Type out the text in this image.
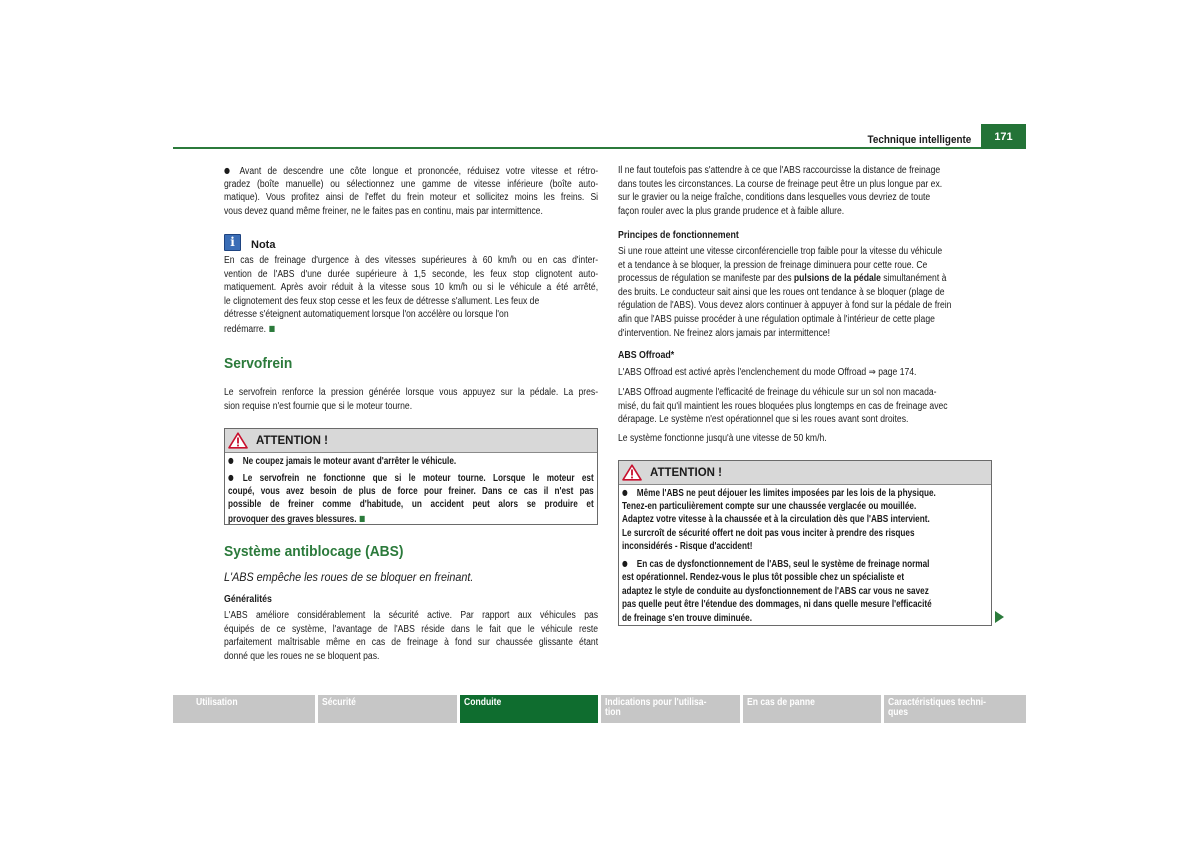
Technique intelligente	171
● Avant de descendre une côte longue et prononcée, réduisez votre vitesse et rétro-
gradez (boîte manuelle) ou sélectionnez une gamme de vitesse inférieure (boîte auto-
matique). Vous profitez ainsi de l'effet du frein moteur et sollicitez moins les freins. Si
vous devez quand même freiner, ne le faites pas en continu, mais par intermittence.
i	Nota
En cas de freinage d'urgence à des vitesses supérieures à 60 km/h ou en cas d'inter-
vention de l'ABS d'une durée supérieure à 1,5 seconde, les feux stop clignotent auto-
matiquement. Après avoir réduit à la vitesse sous 10 km/h ou si le véhicule a été arrêté,
le clignotement des feux stop cesse et les feux de détresse s'allument. Les feux de
détresse s'éteignent automatiquement lorsque l'on accélère ou lorsque l'on
redémarre. ■
Servofrein
Le servofrein renforce la pression générée lorsque vous appuyez sur la pédale. La pres-
sion requise n'est fournie que si le moteur tourne.
ATTENTION !
● Ne coupez jamais le moteur avant d'arrêter le véhicule.
● Le servofrein ne fonctionne que si le moteur tourne. Lorsque le moteur est
coupé, vous avez besoin de plus de force pour freiner. Dans ce cas il n'est pas
possible de freiner comme d'habitude, un accident peut alors se produire et
provoquer des graves blessures. ■
Système antiblocage (ABS)
L'ABS empêche les roues de se bloquer en freinant.
Généralités
L'ABS améliore considérablement la sécurité active. Par rapport aux véhicules pas
équipés de ce système, l'avantage de l'ABS réside dans le fait que le véhicule reste
parfaitement maîtrisable même en cas de freinage à fond sur chaussée glissante étant
donné que les roues ne se bloquent pas.
Il ne faut toutefois pas s'attendre à ce que l'ABS raccourcisse la distance de freinage
dans toutes les circonstances. La course de freinage peut être un plus longue par ex.
sur le gravier ou la neige fraîche, conditions dans lesquelles vous devriez de toute
façon rouler avec la plus grande prudence et à faible allure.
Principes de fonctionnement
Si une roue atteint une vitesse circonférencielle trop faible pour la vitesse du véhicule
et a tendance à se bloquer, la pression de freinage diminuera pour cette roue. Ce
processus de régulation se manifeste par des pulsions de la pédale simultanément à
des bruits. Le conducteur sait ainsi que les roues ont tendance à se bloquer (plage de
régulation de l'ABS). Vous devez alors continuer à appuyer à fond sur la pédale de frein
afin que l'ABS puisse procéder à une régulation optimale à l'intérieur de cette plage
d'intervention. Ne freinez alors jamais par intermittence!
ABS Offroad*
L'ABS Offroad est activé après l'enclenchement du mode Offroad ⇒ page 174.
L'ABS Offroad augmente l'efficacité de freinage du véhicule sur un sol non macada-
misé, du fait qu'il maintient les roues bloquées plus longtemps en cas de freinage avec
dérapage. Le système n'est opérationnel que si les roues avant sont droites.
Le système fonctionne jusqu'à une vitesse de 50 km/h.
ATTENTION !
● Même l'ABS ne peut déjouer les limites imposées par les lois de la physique.
Tenez-en particulièrement compte sur une chaussée verglacée ou mouillée.
Adaptez votre vitesse à la chaussée et à la circulation dès que l'ABS intervient.
Le surcroît de sécurité offert ne doit pas vous inciter à prendre des risques
inconsidérés - Risque d'accident!
● En cas de dysfonctionnement de l'ABS, seul le système de freinage normal
est opérationnel. Rendez-vous le plus tôt possible chez un spécialiste et
adaptez le style de conduite au dysfonctionnement de l'ABS car vous ne savez
pas quelle peut être l'étendue des dommages, ni dans quelle mesure l'efficacité
de freinage s'en trouve diminuée.
Utilisation	Sécurité	Conduite	Indications pour l'utilisa-
tion
En cas de panne	Caractéristiques techni-
ques
